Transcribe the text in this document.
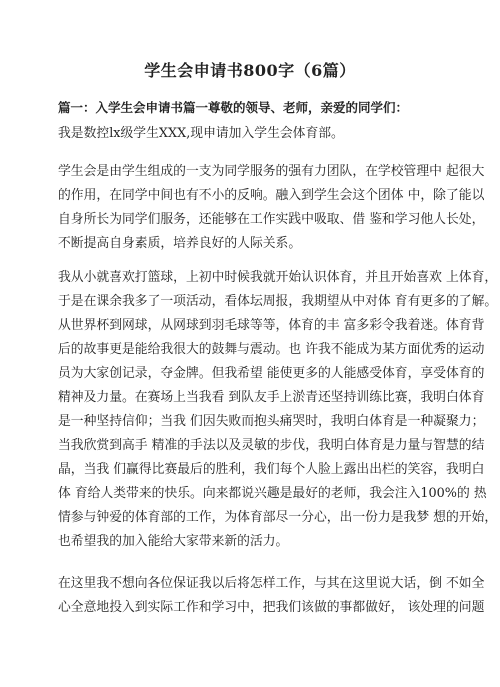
学生会申请书800字（6篇）
篇一：入学生会申请书篇一尊敬的领导、老师，亲爱的同学们：
我是数控lx级学生XXX,现申请加入学生会体育部。
学生会是由学生组成的一支为同学服务的强有力团队，在学校管理中 起很大
的作用，在同学中间也有不小的反响。融入到学生会这个团体 中，除了能以
自身所长为同学们服务，还能够在工作实践中吸取、借 鉴和学习他人长处，
不断提高自身素质，培养良好的人际关系。
我从小就喜欢打篮球，上初中时候我就开始认识体育，并且开始喜欢 上体育，
于是在课余我多了一项活动，看体坛周报，我期望从中对体 育有更多的了解。
从世界杯到网球，从网球到羽毛球等等，体育的丰 富多彩令我着迷。体育背
后的故事更是能给我很大的鼓舞与震动。也 许我不能成为某方面优秀的运动
员为大家创记录，夺金牌。但我希望 能使更多的人能感受体育，享受体育的
精神及力量。在赛场上当我看 到队友手上淤青还坚持训练比赛，我明白体育
是一种坚持信仰；当我 们因失败而抱头痛哭时，我明白体育是一种凝聚力；
当我欣赏到高手 精准的手法以及灵敏的步伐，我明白体育是力量与智慧的结
晶，当我 们赢得比赛最后的胜利，我们每个人脸上露出出栏的笑容，我明白
体 育给人类带来的快乐。向来都说兴趣是最好的老师，我会注入100%的 热
情参与钟爱的体育部的工作，为体育部尽一分心，出一份力是我梦 想的开始，
也希望我的加入能给大家带来新的活力。
在这里我不想向各位保证我以后将怎样工作，与其在这里说大话，倒 不如全
心全意地投入到实际工作和学习中，把我们该做的事都做好， 该处理的问题
